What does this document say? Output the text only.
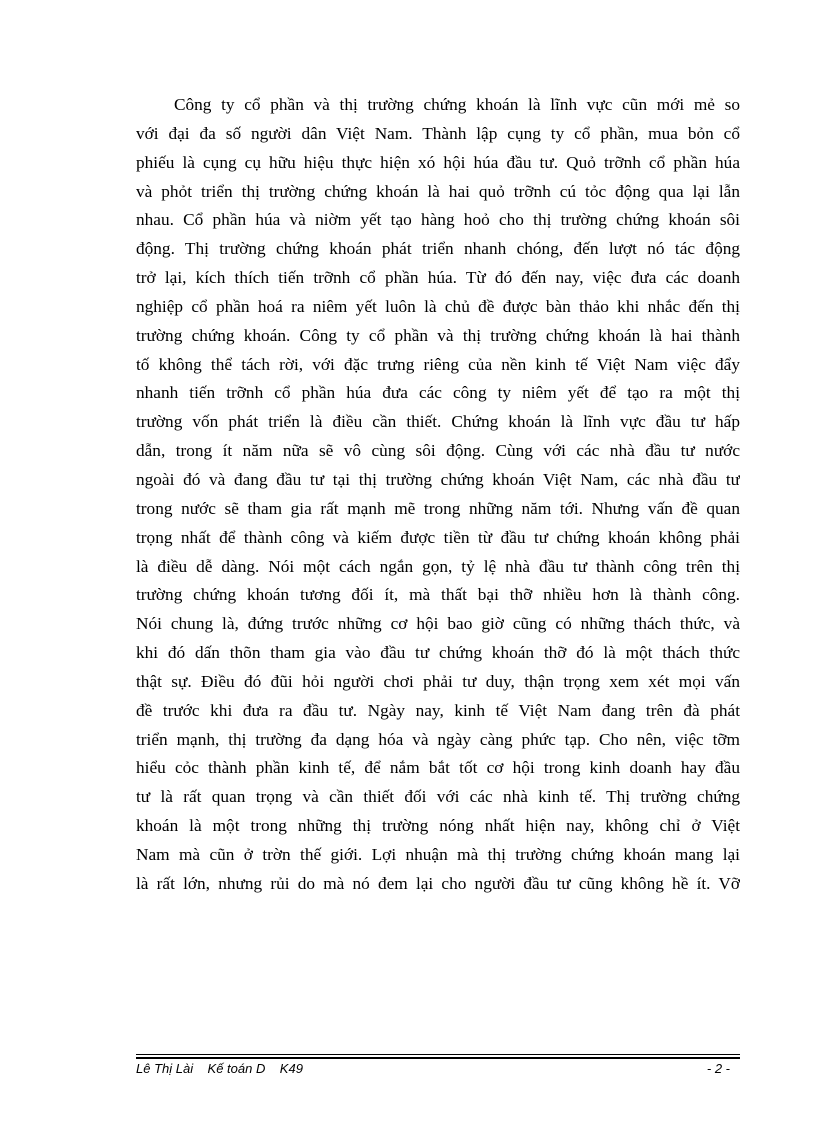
Công ty cổ phần và thị trường chứng khoán là lĩnh vực cũn mới mẻ so
với đại đa số người dân Việt Nam. Thành lập cụng ty cổ phần, mua bỏn cổ
phiếu là cụng cụ hữu hiệu thực hiện xó hội húa đầu tư. Quỏ trỡnh cổ phần húa
và phỏt triển thị trường chứng khoán là hai quỏ trỡnh cú tỏc động qua lại lẫn
nhau. Cổ phần húa và niờm yết tạo hàng hoỏ cho thị trường chứng khoán sôi
động. Thị trường chứng khoán phát triển nhanh chóng, đến lượt nó tác động
trở lại, kích thích tiến trỡnh cổ phần húa. Từ đó đến nay, việc đưa các doanh
nghiệp cổ phần hoá ra niêm yết luôn là chủ đề được bàn thảo khi nhắc đến thị
trường chứng khoán. Công ty cổ phần và thị trường chứng khoán là hai thành
tố không thể tách rời, với đặc trưng riêng của nền kinh tế Việt Nam việc đẩy
nhanh tiến trỡnh cổ phần húa đưa các công ty niêm yết để tạo ra một thị
trường vốn phát triển là điều cần thiết. Chứng khoán là lĩnh vực đầu tư hấp
dẫn, trong ít năm nữa sẽ vô cùng sôi động. Cùng với các nhà đầu tư nước
ngoài đó và đang đầu tư tại thị trường chứng khoán Việt Nam, các nhà đầu tư
trong nước sẽ tham gia rất mạnh mẽ trong những năm tới. Nhưng vấn đề quan
trọng nhất để thành công và kiếm được tiền từ đầu tư chứng khoán không phải
là điều dễ dàng. Nói một cách ngắn gọn, tỷ lệ nhà đầu tư thành công trên thị
trường chứng khoán tương đối ít, mà thất bại thỡ nhiều hơn là thành công.
Nói chung là, đứng trước những cơ hội bao giờ cũng có những thách thức, và
khi đó dấn thõn tham gia vào đầu tư chứng khoán thỡ đó là một thách thức
thật sự. Điều đó đũi hỏi người chơi phải tư duy, thận trọng xem xét mọi vấn
đề trước khi đưa ra đầu tư. Ngày nay, kinh tế Việt Nam đang trên đà phát
triển mạnh, thị trường đa dạng hóa và ngày càng phức tạp. Cho nên, việc tỡm
hiểu cỏc thành phần kinh tế, để nắm bắt tốt cơ hội trong kinh doanh hay đầu
tư là rất quan trọng và cần thiết đối với các nhà kinh tế. Thị trường chứng
khoán là một trong những thị trường nóng nhất hiện nay, không chỉ ở Việt
Nam mà cũn ở trờn thế giới. Lợi nhuận mà thị trường chứng khoán mang lại
là rất lớn, nhưng rủi do mà nó đem lại cho người đầu tư cũng không hề ít. Vỡ
Lê Thị Lài    Kế toán D    K49	- 2 -
